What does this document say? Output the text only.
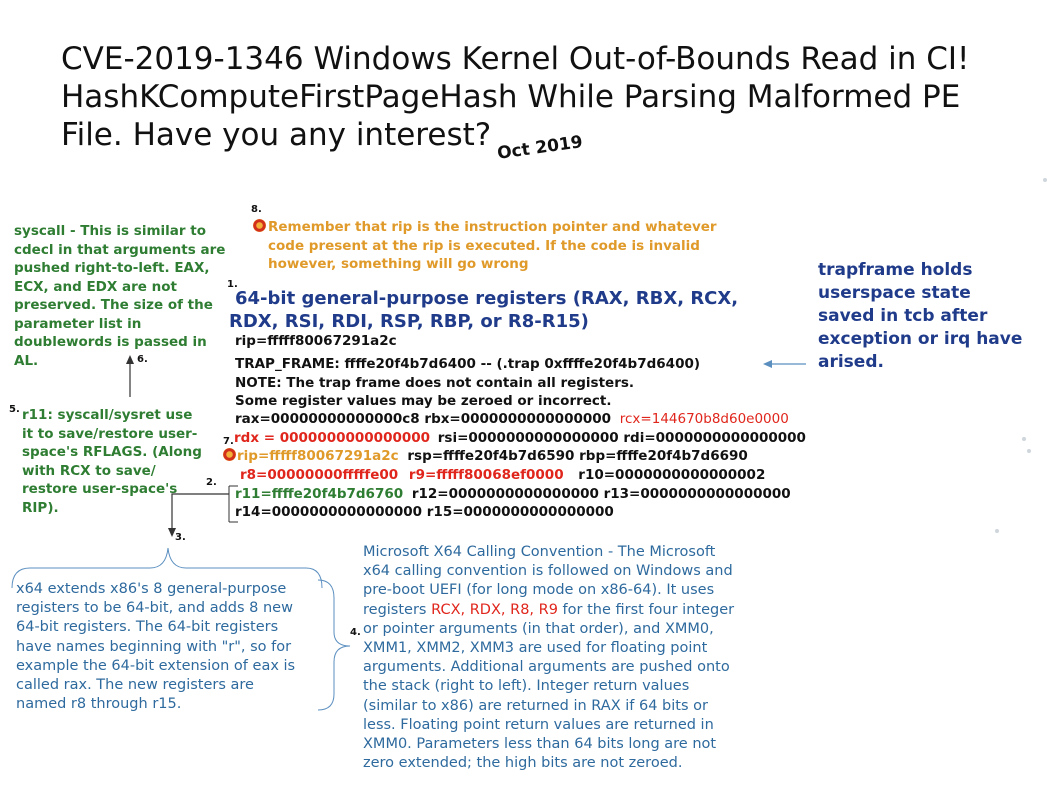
CVE-2019-1346 Windows Kernel Out-of-Bounds Read in CI!
HashKComputeFirstPageHash While Parsing Malformed PE
File. Have you any interest? Oct 2019
1.
2.
3.
4.
5.
6.
7.
8.
Remember that rip is the instruction pointer and whatever
code present at the rip is executed. If the code is invalid
however, something will go wrong
syscall - This is similar to
cdecl in that arguments are
pushed right-to-left. EAX,
ECX, and EDX are not
preserved. The size of the
parameter list in
doublewords is passed in
AL.
r11: syscall/sysret use
it to save/restore user-
space's RFLAGS. (Along
with RCX to save/
restore user-space's
RIP).
trapframe holds
userspace state
saved in tcb after
exception or irq have
arised.
64-bit general-purpose registers (RAX, RBX, RCX,
RDX, RSI, RDI, RSP, RBP, or R8-R15)
rip=fffff80067291a2c
TRAP_FRAME: ffffe20f4b7d6400 -- (.trap 0xffffe20f4b7d6400)
NOTE: The trap frame does not contain all registers.
Some register values may be zeroed or incorrect.
rax=00000000000000c8 rbx=0000000000000000 rcx=144670b8d60e0000
rdx = 0000000000000000 rsi=0000000000000000 rdi=0000000000000000
rip=fffff80067291a2c rsp=ffffe20f4b7d6590 rbp=ffffe20f4b7d6690
r8=00000000fffffe00 r9=fffff80068ef0000 r10=0000000000000002
r11=ffffe20f4b7d6760 r12=0000000000000000 r13=0000000000000000
r14=0000000000000000 r15=0000000000000000
x64 extends x86's 8 general-purpose
registers to be 64-bit, and adds 8 new
64-bit registers. The 64-bit registers
have names beginning with "r", so for
example the 64-bit extension of eax is
called rax. The new registers are
named r8 through r15.
Microsoft X64 Calling Convention - The Microsoft
x64 calling convention is followed on Windows and
pre-boot UEFI (for long mode on x86-64). It uses
registers RCX, RDX, R8, R9 for the first four integer
or pointer arguments (in that order), and XMM0,
XMM1, XMM2, XMM3 are used for floating point
arguments. Additional arguments are pushed onto
the stack (right to left). Integer return values
(similar to x86) are returned in RAX if 64 bits or
less. Floating point return values are returned in
XMM0. Parameters less than 64 bits long are not
zero extended; the high bits are not zeroed.
